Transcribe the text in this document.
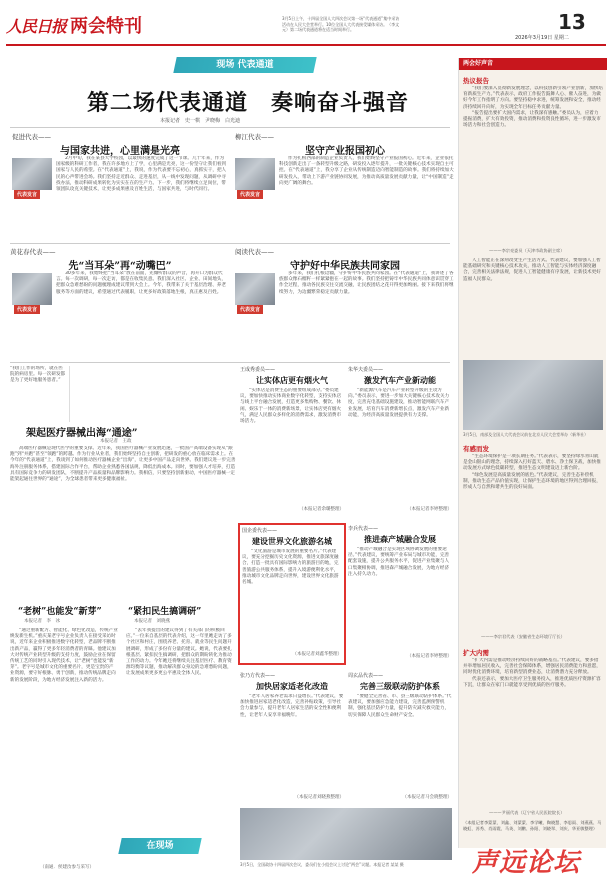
人民日报 两会特刊	3月5日上午，十四届全国人大四次会议第一场“代表通道”集中采访活动在人民大会堂举行。10位全国人大代表接受媒体采访。（李文元）第二场代表通道将在适当时间举行。	13
2026年3月19日 星期二
现场 代表通道
第二场代表通道　奏响奋斗强音
本报记者　史一棋　尹晓梅　白光迪
促进代表——
与国家共进，心里满是光亮
代表发言

2月中旬，我在某县大学校园，以最快的速度完成了这一节课。几十年来，作为国家级的科研工作者，我在许多地方上了学，心里满是光亮，这一份坚守让我们看到国家与人民的希望。在“代表通道”上，我说，作为代表要不忘初心，真抓实干，把人民的心声带进会场。我们坚持走近群众、走进基层，从一线中发现问题，从调研中寻找办法，推动科研成果转化为实实在在的生产力。下一步，我们将继续立足岗位，带领团队攻克关键技术，让更多成果惠及百姓生活，与国家共进，与时代同行。

柳江代表——
坚守产业报国初心
代表发言

作为扎根西部的制造企业负责人，我们始终坚守产业报国初心。近年来，企业依托科技创新走出了一条转型升级之路，研发投入逐年提升，一批关键核心技术实现自主可控。在“代表通道”上，我分享了企业从传统制造迈向智能制造的故事。我们将持续加大研发投入，带动上下游产业链协同发展，为推动高质量发展贡献力量，让“中国制造”走向更广阔的舞台。

黄花春代表——
先“当耳朵”再“动嘴巴”
代表发言

30多年来，我始终把“当耳朵”放在前面，先倾听群众的声音，再开口为群众代言。每一次调研，每一次走访，都是在收集民意。我们深入社区、企业、田间地头，把群众急难愁盼的问题梳理成建议带到大会上。今年，我带来了关于基层治理、养老服务等方面的建议，希望通过代表履职，让更多好政策落地生根，真正惠及百姓。

阅读代表——
守护好中华民族共同家园
代表发言

多年来，我们扎根边疆，守护好中华民族共同家园。在“代表通道”上，我讲述了各族群众像石榴籽一样紧紧抱在一起的故事。我们坚持把铸牢中华民族共同体意识贯穿工作全过程，推动各民族交往交流交融，让民族团结之花开得更加绚丽。接下来我们将继续努力，为边疆繁荣稳定贡献力量。

“我们工作的场所，就在医院的病房里。每一次研发都是为了更好地服务患者。”
架起医疗器械出海“通途”
本报记者　王政

高端医疗器械是现代医学的重要支撑。近年来，我国医疗器械产业发展迅速，一批国产高端设备实现从“跟跑”到“并跑”甚至“领跑”的跨越。作为行业从业者，我们始终坚持自主创新，把研发的重心放在临床需求上。在今年的“代表通道”上，我谈到了如何推动医疗器械企业“出海”，让更多中国产品走向世界。我们建议进一步完善海外注册服务体系，搭建国际合作平台，帮助企业熟悉各国法规，降低出海成本。同时，要加强人才培养，打造具有国际竞争力的研发团队，不断提升产品质量和品牌影响力。我相信，只要坚持创新驱动，中国医疗器械一定能架起通往世界的“通途”，为全球患者带来更多健康福祉。

“老树”也能发“新芽”
本报记者　李　冰

“通过重新配方、智能化、绿色化改造，传统产业焕发新生机。”重庆某老字号企业负责人在接受采访时说，近年来企业积极推进数字化转型，老品牌不断推出新产品，赢得了更多年轻消费者的青睐。他建议加大对传统产业转型升级的支持力度，鼓励企业在保留传统工艺的同时引入现代技术，让“老树”也能发“新芽”。老字号是城市文化的重要名片，更是宝贵的产业资源，要守好根脉、勇于创新，推动传统品牌走向新的发展阶段，为地方经济发展注入新的活力。

“紧扣民生搞调研”
本报记者　刘晓燕

“去年我提出的建议得到了有关部门的积极回应。”一位来自基层的代表介绍，这一年里她走访了多个社区和村庄，围绕养老、托育、就业等民生问题开展调研，形成了多份有分量的建议。她说，代表要扎根基层、紧扣民生搞调研，把群众的期盼转化为推动工作的动力。今年她还将继续关注基层医疗、教育资源均衡等议题，推动解决群众身边的急难愁盼问题，让发展成果更多更公平惠及全体人民。

（南通．侯建汝参与采写）
王成秀委员——
让实体店更有烟火气

“实体店是消费生态的重要组成部分。”委员建议，要加快推动实体商业数字化转型，支持实体店与线上平台融合发展，打造更多集购物、餐饮、休闲、娱乐于一体的消费新场景，让实体店更有烟火气，满足人民群众多样化的消费需求，激发消费市场活力。

（本报记者余璐整理）
朱华夫委员——
激发汽车产业新动能

“新能源汽车是汽车产业转型升级的主攻方向。”委员表示，要进一步加大关键核心技术攻关力度，完善充电基础设施建设，推动智能网联汽车产业发展，培育汽车消费新增长点，激发汽车产业新动能，为经济高质量发展提供有力支撑。

（本报记者李婷整理）
国企委代表——
建设世界文化旅游名城

“文化旅游是城市发展的重要名片。”代表建议，要充分挖掘历史文化资源，推进文旅深度融合，打造一批具有国际影响力的旅游目的地，完善旅游公共服务体系，提升入境游便利化水平，推动城市文化品牌走向世界，建设世界文化旅游名城。

（本报记者刘鑫华整理）
李兵代表——
推进森产城融合发展

“推动产城融合是实现区域协调发展的重要途径。”代表建议，要统筹产业布局与城市功能，完善配套设施，提升公共服务水平，促进产业集聚与人口集聚相协调，推进森产城融合发展，为地方经济注入持久动力。

（本报记者李婷整理）
张乃方代表——
加快居家适老化改造

“老年人居家养老需求日益增长。”代表建议，要加快推进居家适老化改造，完善补贴政策，引导社会力量参与，提升老年人居家生活的安全性和便利性，让老年人安享幸福晚年。

（本报记者刘晓燕整理）
周玄品代表——
完善三级联动防护体系

“要健全完善省、市、县三级联动防护体系。”代表建议，要加强应急能力建设，完善监测预警机制，强化基层防护力量，提升防灾减灾救灾能力，切实保障人民群众生命财产安全。

（本报记者马会晓整理）
3月5日，全国政协十四届四次会议，委员们在小组会议上讨论“两会”议题。本报记者 某某 摄
在现场
两会好声音
热议报告

“我们要深入贯彻新发展理念，以科技创新引领产业创新，加快培育新质生产力。”代表表示，政府工作报告鼓舞人心、催人奋进，为做好今年工作指明了方向。要坚持稳中求进，统筹发展和安全，推动经济持续回升向好，为实现全年目标任务贡献力量。

“报告提出要扩大国内需求，让我深有感触。”委员认为，应着力提振消费，扩大有效投资，推动消费和投资良性循环，进一步激发市场活力和社会创造力。

———李宗亮委员（天津市政协副主席）

人工智能正在深刻改变生产生活方式。代表建议，要加强人工智能基础研究和关键核心技术攻关，推动人工智能与实体经济深度融合，完善相关法律法规，促进人工智能健康有序发展，让新技术更好造福人民群众。

3月5日，南部及全国人大代表会议前在北京人民大会堂举办（新华社）
有感而发

“生态环境保护是一项长期任务。”代表表示，要坚持绿水青山就是金山银山的理念，持续深入打好蓝天、碧水、净土保卫战，加快推动发展方式绿色低碳转型，推进生态文明建设迈上新台阶。

“绿色发展是高质量发展的底色。”代表建议，完善生态补偿机制，推动生态产品价值实现，让保护生态环境的地区得到合理回报，形成人与自然和谐共生的良好局面。

———李宗君代表（安徽省生态环境厅厅长）
扩大内需

“扩大内需是推动经济持续向好的战略基点。”代表建议，要多措并举增加居民收入，完善社会保障体系，增强居民消费能力和意愿，同时优化消费环境，培育新型消费业态，让消费潜力充分释放。

代表还表示，要加大医疗卫生服务投入，推进优质医疗资源扩容下沉，让群众在家门口就能享受到优质的医疗服务。

———尹丽代表（辽宁省人民医院院长）
（本组记者李蒙蒙、刘鑫、刘蒙蒙、李学曦、陶晓慧、李思雨、刘燕燕、马晓虹、苏秀、肖雨霞、马英、刘鹏、孙阳、刘晓翠、刘庆、华亚敏整理）
声远论坛
